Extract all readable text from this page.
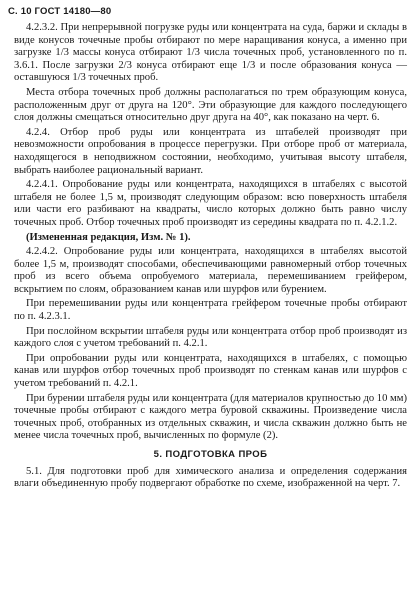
С. 10 ГОСТ 14180—80

4.2.3.2. При непрерывной погрузке руды или концентрата на суда, баржи и склады в виде конусов точечные пробы отбирают по мере наращивания конуса, а именно при загрузке 1/3 массы конуса отбирают 1/3 числа точечных проб, установленного по п. 3.6.1. После загрузки 2/3 конуса отбирают еще 1/3 и после образования конуса — оставшуюся 1/3 точечных проб.

Места отбора точечных проб должны располагаться по трем образующим конуса, расположенным друг от друга на 120°. Эти образующие для каждого последующего слоя должны смещаться относительно друг друга на 40°, как показано на черт. 6.

4.2.4. Отбор проб руды или концентрата из штабелей производят при невозможности опробования в процессе перегрузки. При отборе проб от материала, находящегося в неподвижном состоянии, необходимо, учитывая высоту штабеля, выбрать наиболее рациональный вариант.

4.2.4.1. Опробование руды или концентрата, находящихся в штабелях с высотой штабеля не более 1,5 м, производят следующим образом: всю поверхность штабеля или части его разбивают на квадраты, число которых должно быть равно числу точечных проб. Отбор точечных проб производят из середины квадрата по п. 4.2.1.2.

(Измененная редакция, Изм. № 1).

4.2.4.2. Опробование руды или концентрата, находящихся в штабелях высотой более 1,5 м, производят способами, обеспечивающими равномерный отбор точечных проб из всего объема опробуемого материала, перемешиванием грейфером, вскрытием по слоям, образованием канав или шурфов или бурением.

При перемешивании руды или концентрата грейфером точечные пробы отбирают по п. 4.2.3.1.

При послойном вскрытии штабеля руды или концентрата отбор проб производят из каждого слоя с учетом требований п. 4.2.1.

При опробовании руды или концентрата, находящихся в штабелях, с помощью канав или шурфов отбор точечных проб производят по стенкам канав или шурфов с учетом требований п. 4.2.1.

При бурении штабеля руды или концентрата (для материалов крупностью до 10 мм) точечные пробы отбирают с каждого метра буровой скважины. Произведение числа точечных проб, отобранных из отдельных скважин, и числа скважин должно быть не менее числа точечных проб, вычисленных по формуле (2).

5. ПОДГОТОВКА ПРОБ

5.1. Для подготовки проб для химического анализа и определения содержания влаги объединенную пробу подвергают обработке по схеме, изображенной на черт. 7.
